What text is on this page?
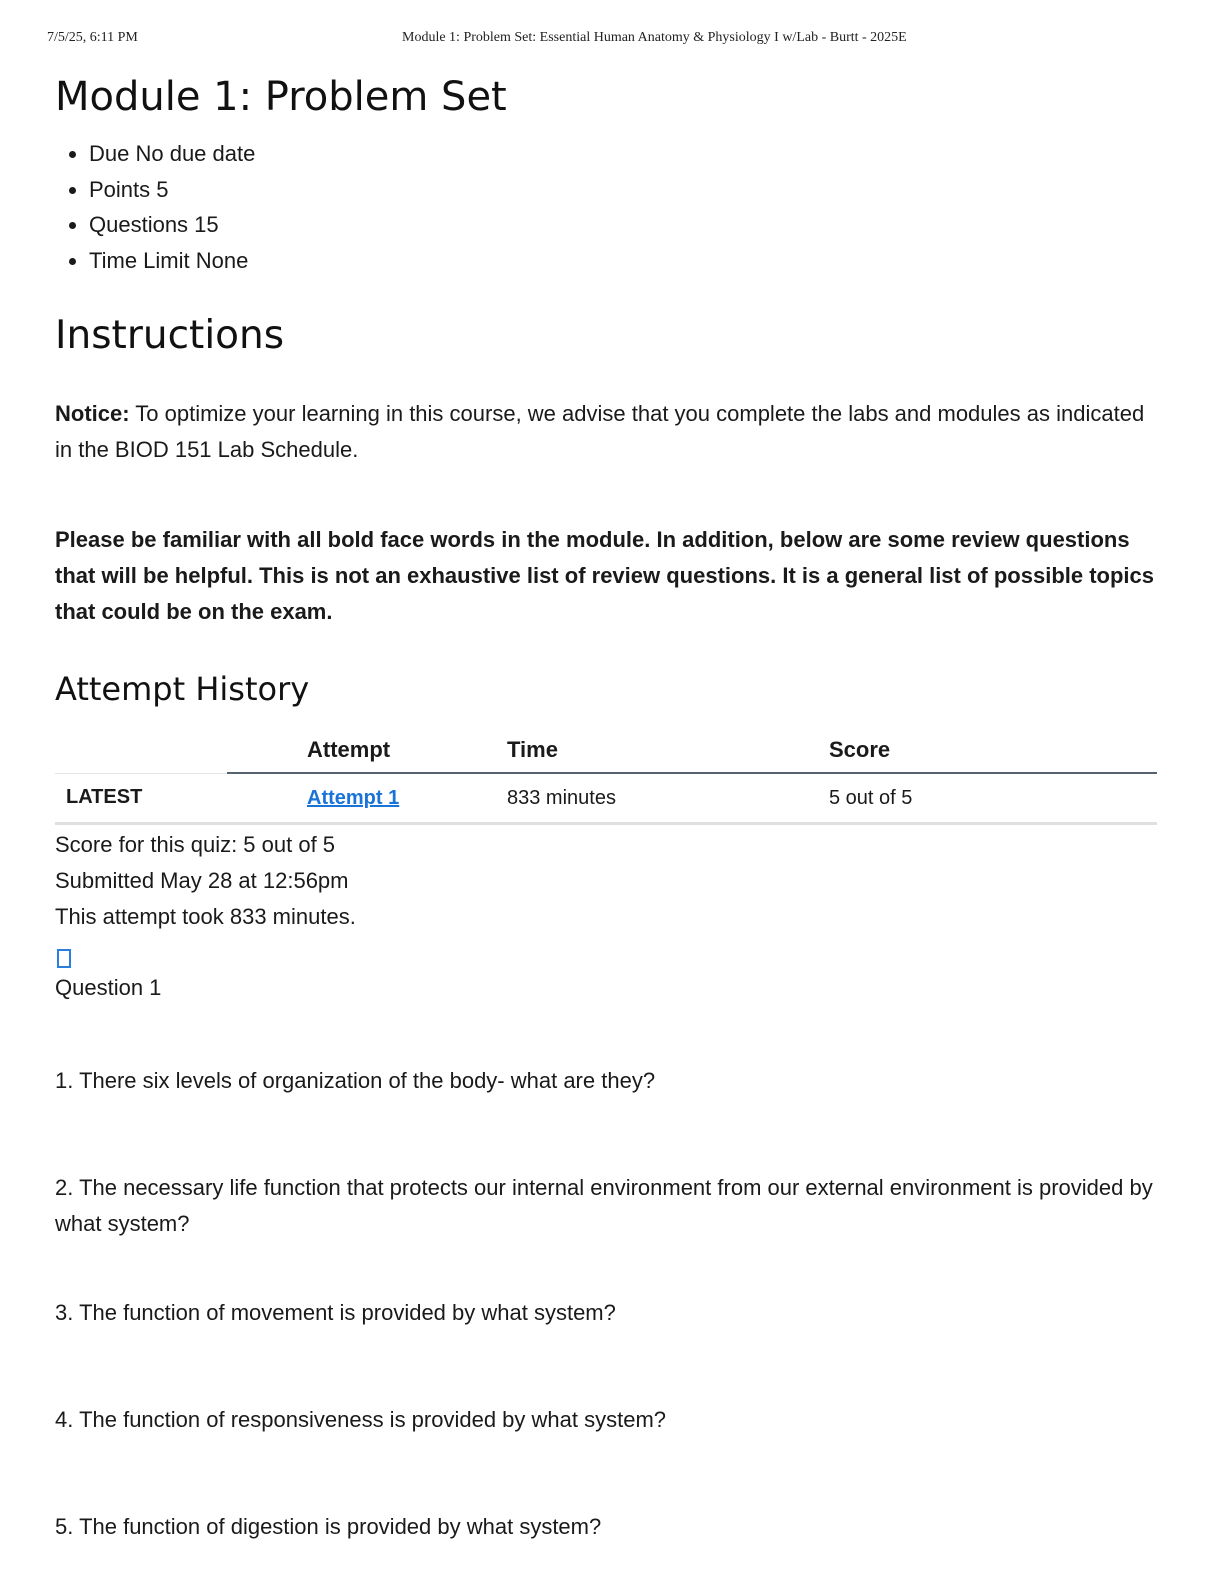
7/5/25, 6:11 PM	Module 1: Problem Set: Essential Human Anatomy & Physiology I w/Lab - Burtt - 2025E
Module 1: Problem Set
• Due No due date
• Points 5
• Questions 15
• Time Limit None
Instructions

Notice: To optimize your learning in this course, we advise that you complete the labs and modules as indicated in the BIOD 151 Lab Schedule.

Please be familiar with all bold face words in the module. In addition, below are some review questions that will be helpful. This is not an exhaustive list of review questions. It is a general list of possible topics that could be on the exam.

Attempt History
	Attempt	Time	Score
LATEST	Attempt 1	833 minutes	5 out of 5
Score for this quiz: 5 out of 5
Submitted May 28 at 12:56pm
This attempt took 833 minutes.
Question 1
1. There six levels of organization of the body- what are they?
2. The necessary life function that protects our internal environment from our external environment is provided by what system?
3. The function of movement is provided by what system?
4. The function of responsiveness is provided by what system?
5. The function of digestion is provided by what system?
